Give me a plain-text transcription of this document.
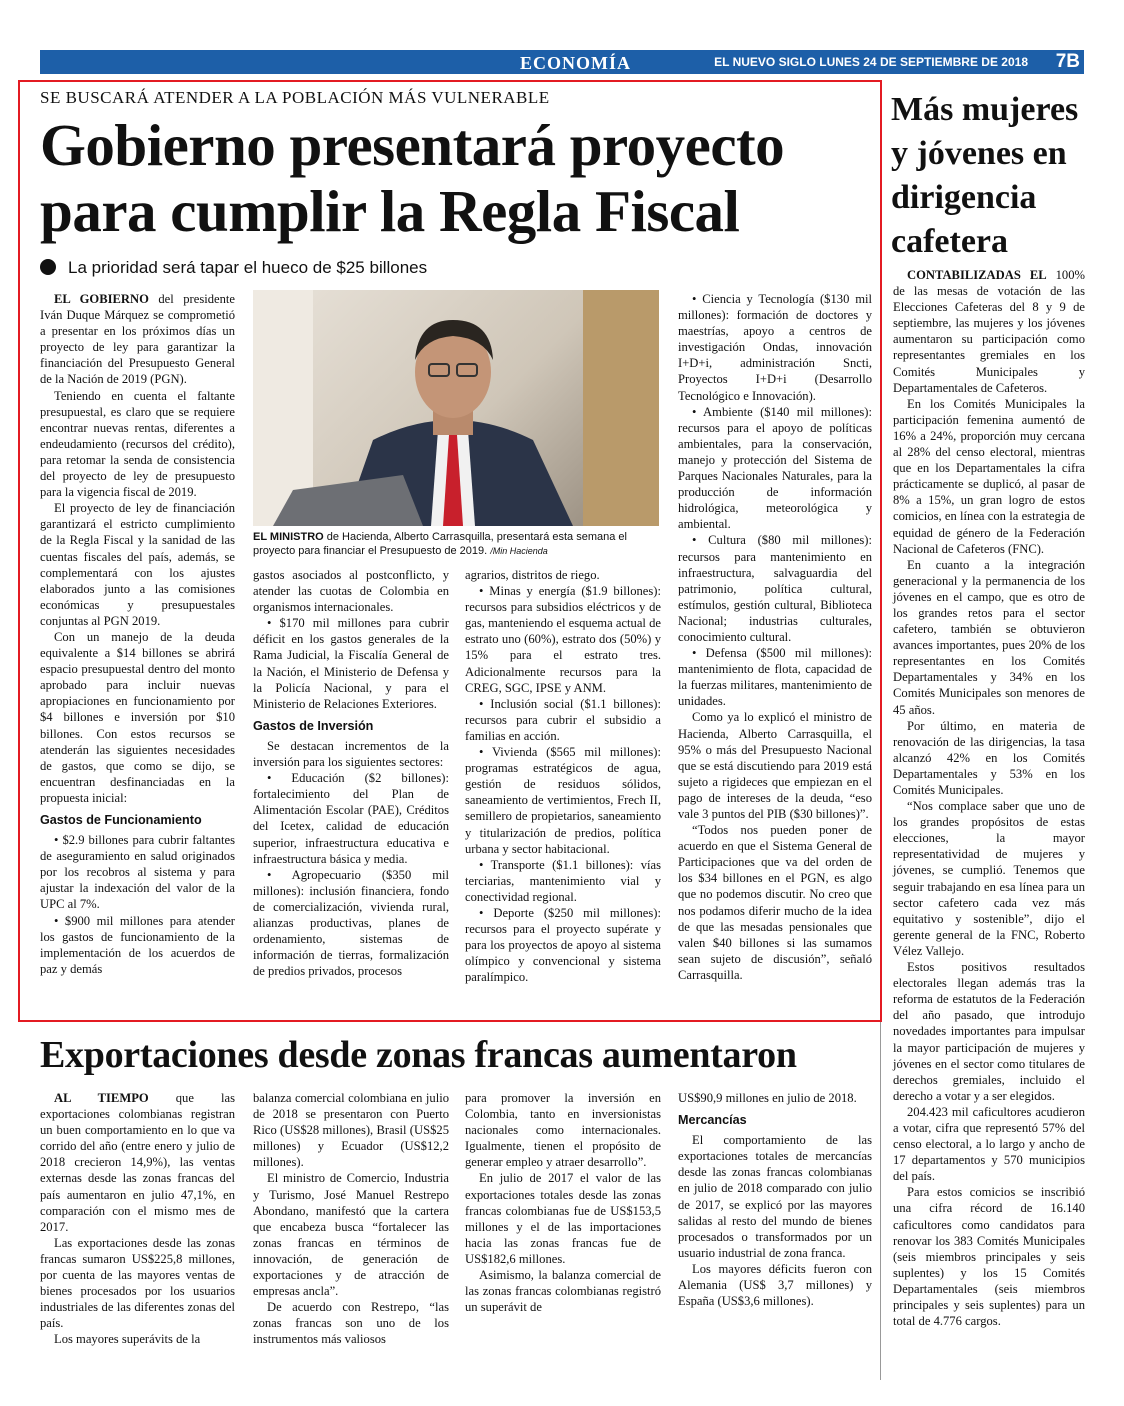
ECONOMÍA	EL NUEVO SIGLO LUNES 24 DE SEPTIEMBRE DE 2018 7B
SE BUSCARÁ ATENDER A LA POBLACIÓN MÁS VULNERABLE
Gobierno presentará proyecto para cumplir la Regla Fiscal
La prioridad será tapar el hueco de $25 billones

EL GOBIERNO del presidente Iván Duque Márquez se comprometió a presentar en los próximos días un proyecto de ley para garantizar la financiación del Presupuesto General de la Nación de 2019 (PGN).

Teniendo en cuenta el faltante presupuestal, es claro que se requiere encontrar nuevas rentas, diferentes a endeudamiento (recursos del crédito), para retomar la senda de consistencia del proyecto de ley de presupuesto para la vigencia fiscal de 2019.

El proyecto de ley de financiación garantizará el estricto cumplimiento de la Regla Fiscal y la sanidad de las cuentas fiscales del país, además, se complementará con los ajustes elaborados junto a las comisiones económicas y presupuestales conjuntas al PGN 2019.

Con un manejo de la deuda equivalente a $14 billones se abrirá espacio presupuestal dentro del monto aprobado para incluir nuevas apropiaciones en funcionamiento por $4 billones e inversión por $10 billones. Con estos recursos se atenderán las siguientes necesidades de gastos, que como se dijo, se encuentran desfinanciadas en la propuesta inicial:

Gastos de Funcionamiento

• $2.9 billones para cubrir faltantes de aseguramiento en salud originados por los recobros al sistema y para ajustar la indexación del valor de la UPC al 7%.

• $900 mil millones para atender los gastos de funcionamiento de la implementación de los acuerdos de paz y demás

EL MINISTRO de Hacienda, Alberto Carrasquilla, presentará esta semana el proyecto para financiar el Presupuesto de 2019. /Min Hacienda

gastos asociados al postconflicto, y atender las cuotas de Colombia en organismos internacionales.

• $170 mil millones para cubrir déficit en los gastos generales de la Rama Judicial, la Fiscalía General de la Nación, el Ministerio de Defensa y la Policía Nacional, y para el Ministerio de Relaciones Exteriores.

Gastos de Inversión

Se destacan incrementos de la inversión para los siguientes sectores:

• Educación ($2 billones): fortalecimiento del Plan de Alimentación Escolar (PAE), Créditos del Icetex, calidad de educación superior, infraestructura educativa e infraestructura básica y media.

• Agropecuario ($350 mil millones): inclusión financiera, fondo de comercialización, vivienda rural, alianzas productivas, planes de ordenamiento, sistemas de información de tierras, formalización de predios privados, procesos

agrarios, distritos de riego.

• Minas y energía ($1.9 billones): recursos para subsidios eléctricos y de gas, manteniendo el esquema actual de estrato uno (60%), estrato dos (50%) y 15% para el estrato tres. Adicionalmente recursos para la CREG, SGC, IPSE y ANM.

• Inclusión social ($1.1 billones): recursos para cubrir el subsidio a familias en acción.

• Vivienda ($565 mil millones): programas estratégicos de agua, gestión de residuos sólidos, saneamiento de vertimientos, Frech II, semillero de propietarios, saneamiento y titularización de predios, política urbana y sector habitacional.

• Transporte ($1.1 billones): vías terciarias, mantenimiento vial y conectividad regional.

• Deporte ($250 mil millones): recursos para el proyecto supérate y para los proyectos de apoyo al sistema olímpico y convencional y sistema paralímpico.

• Ciencia y Tecnología ($130 mil millones): formación de doctores y maestrías, apoyo a centros de investigación Ondas, innovación I+D+i, administración Sncti, Proyectos I+D+i (Desarrollo Tecnológico e Innovación).

• Ambiente ($140 mil millones): recursos para el apoyo de políticas ambientales, para la conservación, manejo y protección del Sistema de Parques Nacionales Naturales, para la producción de información hidrológica, meteorológica y ambiental.

• Cultura ($80 mil millones): recursos para mantenimiento en infraestructura, salvaguardia del patrimonio, política cultural, estímulos, gestión cultural, Biblioteca Nacional; industrias culturales, conocimiento cultural.

• Defensa ($500 mil millones): mantenimiento de flota, capacidad de la fuerzas militares, mantenimiento de unidades.

Como ya lo explicó el ministro de Hacienda, Alberto Carrasquilla, el 95% o más del Presupuesto Nacional que se está discutiendo para 2019 está sujeto a rigideces que empiezan en el pago de intereses de la deuda, “eso vale 3 puntos del PIB ($30 billones)”.

“Todos nos pueden poner de acuerdo en que el Sistema General de Participaciones que va del orden de los $34 billones en el PGN, es algo que no podemos discutir. No creo que nos podamos diferir mucho de la idea de que las mesadas pensionales que valen $40 billones si las sumamos sean sujeto de discusión”, señaló Carrasquilla.

Más mujeres y jóvenes en dirigencia cafetera

CONTABILIZADAS EL 100% de las mesas de votación de las Elecciones Cafeteras del 8 y 9 de septiembre, las mujeres y los jóvenes aumentaron su participación como representantes gremiales en los Comités Municipales y Departamentales de Cafeteros.

En los Comités Municipales la participación femenina aumentó de 16% a 24%, proporción muy cercana al 28% del censo electoral, mientras que en los Departamentales la cifra prácticamente se duplicó, al pasar de 8% a 15%, un gran logro de estos comicios, en línea con la estrategia de equidad de género de la Federación Nacional de Cafeteros (FNC).

En cuanto a la integración generacional y la permanencia de los jóvenes en el campo, que es otro de los grandes retos para el sector cafetero, también se obtuvieron avances importantes, pues 20% de los representantes en los Comités Departamentales y 34% en los Comités Municipales son menores de 45 años.

Por último, en materia de renovación de las dirigencias, la tasa alcanzó 42% en los Comités Departamentales y 53% en los Comités Municipales.

“Nos complace saber que uno de los grandes propósitos de estas elecciones, la mayor representatividad de mujeres y jóvenes, se cumplió. Tenemos que seguir trabajando en esa línea para un sector cafetero cada vez más equitativo y sostenible”, dijo el gerente general de la FNC, Roberto Vélez Vallejo.

Estos positivos resultados electorales llegan además tras la reforma de estatutos de la Federación del año pasado, que introdujo novedades importantes para impulsar la mayor participación de mujeres y jóvenes en el sector como titulares de derechos gremiales, incluido el derecho a votar y a ser elegidos.

204.423 mil caficultores acudieron a votar, cifra que representó 57% del censo electoral, a lo largo y ancho de 17 departamentos y 570 municipios del país.

Para estos comicios se inscribió una cifra récord de 16.140 caficultores como candidatos para renovar los 383 Comités Municipales (seis miembros principales y seis suplentes) y los 15 Comités Departamentales (seis miembros principales y seis suplentes) para un total de 4.776 cargos.

Exportaciones desde zonas francas aumentaron

AL TIEMPO que las exportaciones colombianas registran un buen comportamiento en lo que va corrido del año (entre enero y julio de 2018 crecieron 14,9%), las ventas externas desde las zonas francas del país aumentaron en julio 47,1%, en comparación con el mismo mes de 2017.

Las exportaciones desde las zonas francas sumaron US$225,8 millones, por cuenta de las mayores ventas de bienes procesados por los usuarios industriales de las diferentes zonas del país.

Los mayores superávits de la

balanza comercial colombiana en julio de 2018 se presentaron con Puerto Rico (US$28 millones), Brasil (US$25 millones) y Ecuador (US$12,2 millones).

El ministro de Comercio, Industria y Turismo, José Manuel Restrepo Abondano, manifestó que la cartera que encabeza busca “fortalecer las zonas francas en términos de innovación, de generación de exportaciones y de atracción de empresas ancla”.

De acuerdo con Restrepo, “las zonas francas son uno de los instrumentos más valiosos

para promover la inversión en Colombia, tanto en inversionistas nacionales como internacionales. Igualmente, tienen el propósito de generar empleo y atraer desarrollo”.

En julio de 2017 el valor de las exportaciones totales desde las zonas francas colombianas fue de US$153,5 millones y el de las importaciones hacia las zonas francas fue de US$182,6 millones.

Asimismo, la balanza comercial de las zonas francas colombianas registró un superávit de

US$90,9 millones en julio de 2018.

Mercancías

El comportamiento de las exportaciones totales de mercancías desde las zonas francas colombianas en julio de 2018 comparado con julio de 2017, se explicó por las mayores salidas al resto del mundo de bienes procesados o transformados por un usuario industrial de zona franca.

Los mayores déficits fueron con Alemania (US$ 3,7 millones) y España (US$3,6 millones).
